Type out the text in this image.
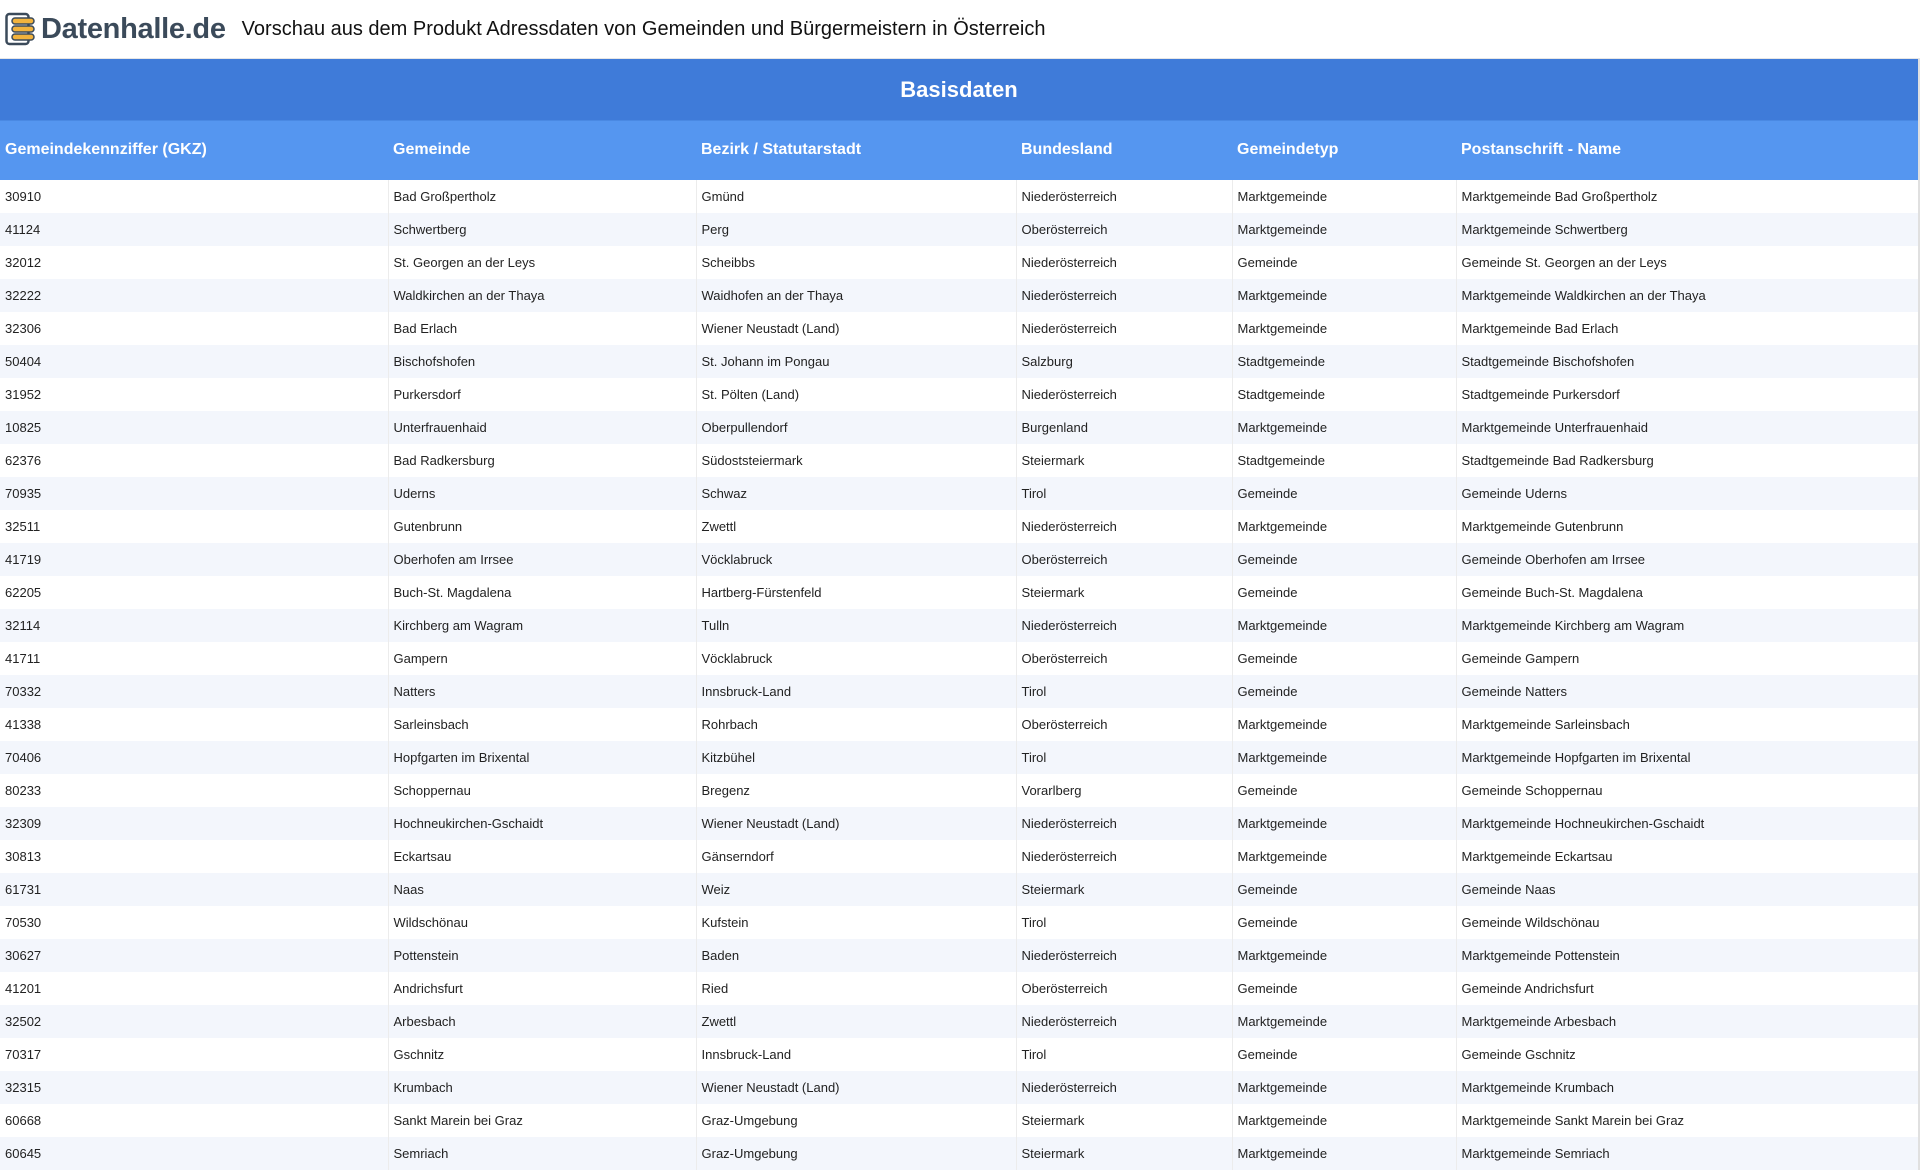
Datenhalle.de Vorschau aus dem Produkt Adressdaten von Gemeinden und Bürgermeistern in Österreich
Basisdaten
Gemeindekennziffer (GKZ)	Gemeinde	Bezirk / Statutarstadt	Bundesland	Gemeindetyp	Postanschrift - Name
30910	Bad Großpertholz	Gmünd	Niederösterreich	Marktgemeinde	Marktgemeinde Bad Großpertholz
41124	Schwertberg	Perg	Oberösterreich	Marktgemeinde	Marktgemeinde Schwertberg
32012	St. Georgen an der Leys	Scheibbs	Niederösterreich	Gemeinde	Gemeinde St. Georgen an der Leys
32222	Waldkirchen an der Thaya	Waidhofen an der Thaya	Niederösterreich	Marktgemeinde	Marktgemeinde Waldkirchen an der Thaya
32306	Bad Erlach	Wiener Neustadt (Land)	Niederösterreich	Marktgemeinde	Marktgemeinde Bad Erlach
50404	Bischofshofen	St. Johann im Pongau	Salzburg	Stadtgemeinde	Stadtgemeinde Bischofshofen
31952	Purkersdorf	St. Pölten (Land)	Niederösterreich	Stadtgemeinde	Stadtgemeinde Purkersdorf
10825	Unterfrauenhaid	Oberpullendorf	Burgenland	Marktgemeinde	Marktgemeinde Unterfrauenhaid
62376	Bad Radkersburg	Südoststeiermark	Steiermark	Stadtgemeinde	Stadtgemeinde Bad Radkersburg
70935	Uderns	Schwaz	Tirol	Gemeinde	Gemeinde Uderns
32511	Gutenbrunn	Zwettl	Niederösterreich	Marktgemeinde	Marktgemeinde Gutenbrunn
41719	Oberhofen am Irrsee	Vöcklabruck	Oberösterreich	Gemeinde	Gemeinde Oberhofen am Irrsee
62205	Buch-St. Magdalena	Hartberg-Fürstenfeld	Steiermark	Gemeinde	Gemeinde Buch-St. Magdalena
32114	Kirchberg am Wagram	Tulln	Niederösterreich	Marktgemeinde	Marktgemeinde Kirchberg am Wagram
41711	Gampern	Vöcklabruck	Oberösterreich	Gemeinde	Gemeinde Gampern
70332	Natters	Innsbruck-Land	Tirol	Gemeinde	Gemeinde Natters
41338	Sarleinsbach	Rohrbach	Oberösterreich	Marktgemeinde	Marktgemeinde Sarleinsbach
70406	Hopfgarten im Brixental	Kitzbühel	Tirol	Marktgemeinde	Marktgemeinde Hopfgarten im Brixental
80233	Schoppernau	Bregenz	Vorarlberg	Gemeinde	Gemeinde Schoppernau
32309	Hochneukirchen-Gschaidt	Wiener Neustadt (Land)	Niederösterreich	Marktgemeinde	Marktgemeinde Hochneukirchen-Gschaidt
30813	Eckartsau	Gänserndorf	Niederösterreich	Marktgemeinde	Marktgemeinde Eckartsau
61731	Naas	Weiz	Steiermark	Gemeinde	Gemeinde Naas
70530	Wildschönau	Kufstein	Tirol	Gemeinde	Gemeinde Wildschönau
30627	Pottenstein	Baden	Niederösterreich	Marktgemeinde	Marktgemeinde Pottenstein
41201	Andrichsfurt	Ried	Oberösterreich	Gemeinde	Gemeinde Andrichsfurt
32502	Arbesbach	Zwettl	Niederösterreich	Marktgemeinde	Marktgemeinde Arbesbach
70317	Gschnitz	Innsbruck-Land	Tirol	Gemeinde	Gemeinde Gschnitz
32315	Krumbach	Wiener Neustadt (Land)	Niederösterreich	Marktgemeinde	Marktgemeinde Krumbach
60668	Sankt Marein bei Graz	Graz-Umgebung	Steiermark	Marktgemeinde	Marktgemeinde Sankt Marein bei Graz
60645	Semriach	Graz-Umgebung	Steiermark	Marktgemeinde	Marktgemeinde Semriach
